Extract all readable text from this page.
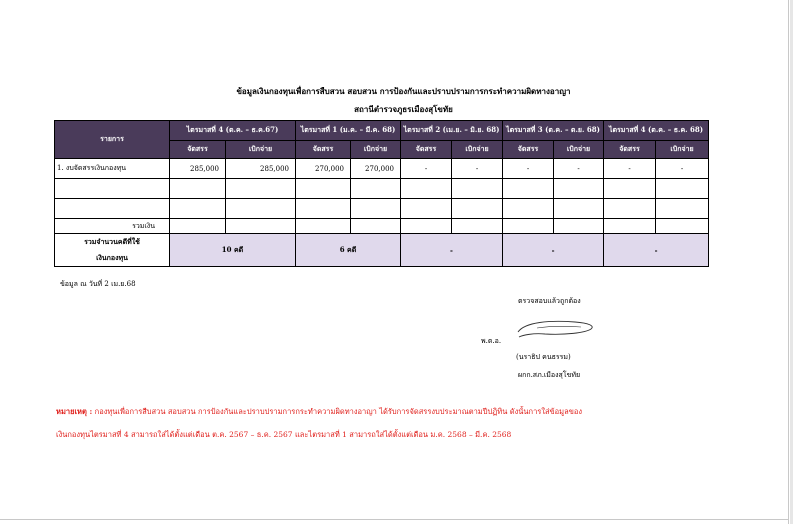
ข้อมูลเงินกองทุนเพื่อการสืบสวน สอบสวน การป้องกันและปราบปรามการกระทำความผิดทางอาญา
สถานีตำรวจภูธรเมืองสุโขทัย
รายการ	ไตรมาสที่ 4 (ต.ค. – ธ.ค.67)		ไตรมาสที่ 1 (ม.ค. – มี.ค. 68)		ไตรมาสที่ 2 (เม.ย. – มิ.ย. 68)		ไตรมาสที่ 3 (ต.ค. – ต.ย. 68)		ไตรมาสที่ 4 (ต.ค. – ธ.ค. 68)	
	จัดสรร	เบิกจ่าย	จัดสรร	เบิกจ่าย	จัดสรร	เบิกจ่าย	จัดสรร	เบิกจ่าย	จัดสรร	เบิกจ่าย
1. งบจัดสรรเงินกองทุน	285,000	285,000	270,000	270,000	-	-	-	-	-	-

รวมเงิน										

รวมจำนวนคดีที่ใช้
เงินกองทุน	10 คดี		6 คดี		-		-		-	
ข้อมูล ณ วันที่ 2 เม.ย.68
ตรวจสอบแล้วถูกต้อง
พ.ต.อ.
(นราธิป คนธรรม)
ผกก.สภ.เมืองสุโขทัย
หมายเหตุ : กองทุนเพื่อการสืบสวน สอบสวน การป้องกันและปราบปรามการกระทำความผิดทางอาญา ได้รับการจัดสรรงบประมาณตามปีปฏิทิน ดังนั้นการใส่ข้อมูลของ
เงินกองทุนไตรมาสที่ 4 สามารถใส่ได้ตั้งแต่เดือน ต.ค. 2567 – ธ.ค. 2567 และไตรมาสที่ 1 สามารถใส่ได้ตั้งแต่เดือน ม.ค. 2568 – มี.ค. 2568
